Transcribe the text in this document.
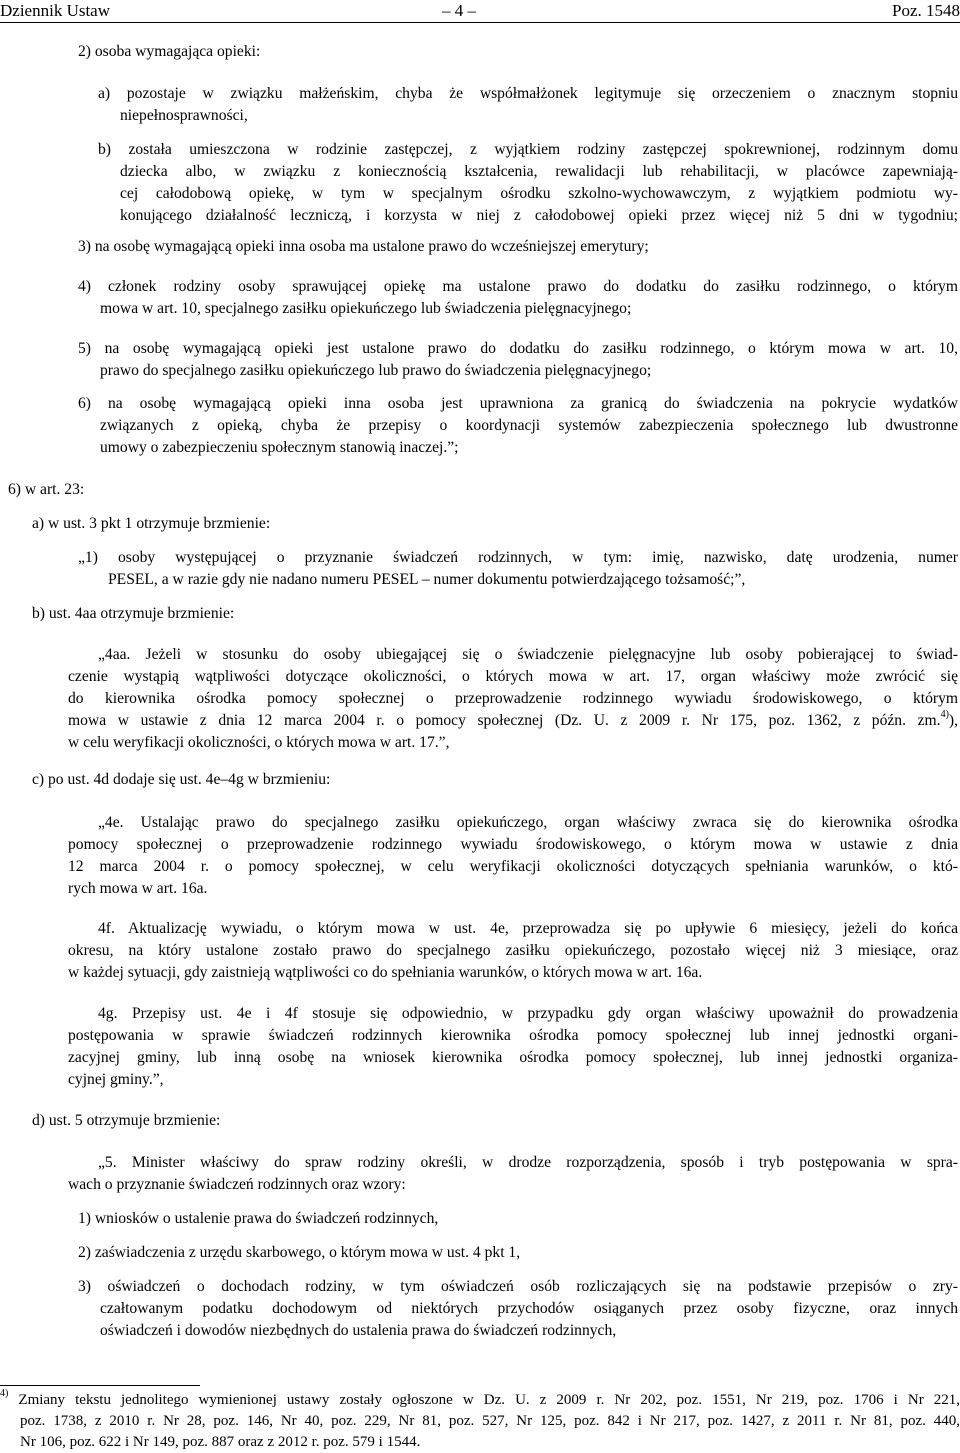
Dziennik Ustaw	– 4 –	Poz. 1548
2) osoba wymagająca opieki:
a) pozostaje w związku małżeńskim, chyba że współmałżonek legitymuje się orzeczeniem o znacznym stopniu
niepełnosprawności,
b) została umieszczona w rodzinie zastępczej, z wyjątkiem rodziny zastępczej spokrewnionej, rodzinnym domu
dziecka albo, w związku z koniecznością kształcenia, rewalidacji lub rehabilitacji, w placówce zapewniają-
cej całodobową opiekę, w tym w specjalnym ośrodku szkolno-wychowawczym, z wyjątkiem podmiotu wy-
konującego działalność leczniczą, i korzysta w niej z całodobowej opieki przez więcej niż 5 dni w tygodniu;
3) na osobę wymagającą opieki inna osoba ma ustalone prawo do wcześniejszej emerytury;
4) członek rodziny osoby sprawującej opiekę ma ustalone prawo do dodatku do zasiłku rodzinnego, o którym
mowa w art. 10, specjalnego zasiłku opiekuńczego lub świadczenia pielęgnacyjnego;
5) na osobę wymagającą opieki jest ustalone prawo do dodatku do zasiłku rodzinnego, o którym mowa w art. 10,
prawo do specjalnego zasiłku opiekuńczego lub prawo do świadczenia pielęgnacyjnego;
6) na osobę wymagającą opieki inna osoba jest uprawniona za granicą do świadczenia na pokrycie wydatków
związanych z opieką, chyba że przepisy o koordynacji systemów zabezpieczenia społecznego lub dwustronne
umowy o zabezpieczeniu społecznym stanowią inaczej.”;
6) w art. 23:
a) w ust. 3 pkt 1 otrzymuje brzmienie:
„1) osoby występującej o przyznanie świadczeń rodzinnych, w tym: imię, nazwisko, datę urodzenia, numer
PESEL, a w razie gdy nie nadano numeru PESEL – numer dokumentu potwierdzającego tożsamość;”,
b) ust. 4aa otrzymuje brzmienie:
„4aa. Jeżeli w stosunku do osoby ubiegającej się o świadczenie pielęgnacyjne lub osoby pobierającej to świad-
czenie wystąpią wątpliwości dotyczące okoliczności, o których mowa w art. 17, organ właściwy może zwrócić się
do kierownika ośrodka pomocy społecznej o przeprowadzenie rodzinnego wywiadu środowiskowego, o którym
mowa w ustawie z dnia 12 marca 2004 r. o pomocy społecznej (Dz. U. z 2009 r. Nr 175, poz. 1362, z późn. zm.$^{4)}$),
w celu weryfikacji okoliczności, o których mowa w art. 17.”,
c) po ust. 4d dodaje się ust. 4e–4g w brzmieniu:
„4e. Ustalając prawo do specjalnego zasiłku opiekuńczego, organ właściwy zwraca się do kierownika ośrodka
pomocy społecznej o przeprowadzenie rodzinnego wywiadu środowiskowego, o którym mowa w ustawie z dnia
12 marca 2004 r. o pomocy społecznej, w celu weryfikacji okoliczności dotyczących spełniania warunków, o któ-
rych mowa w art. 16a.
4f. Aktualizację wywiadu, o którym mowa w ust. 4e, przeprowadza się po upływie 6 miesięcy, jeżeli do końca
okresu, na który ustalone zostało prawo do specjalnego zasiłku opiekuńczego, pozostało więcej niż 3 miesiące, oraz
w każdej sytuacji, gdy zaistnieją wątpliwości co do spełniania warunków, o których mowa w art. 16a.
4g. Przepisy ust. 4e i 4f stosuje się odpowiednio, w przypadku gdy organ właściwy upoważnił do prowadzenia
postępowania w sprawie świadczeń rodzinnych kierownika ośrodka pomocy społecznej lub innej jednostki organi-
zacyjnej gminy, lub inną osobę na wniosek kierownika ośrodka pomocy społecznej, lub innej jednostki organiza-
cyjnej gminy.”,
d) ust. 5 otrzymuje brzmienie:
„5. Minister właściwy do spraw rodziny określi, w drodze rozporządzenia, sposób i tryb postępowania w spra-
wach o przyznanie świadczeń rodzinnych oraz wzory:
1) wniosków o ustalenie prawa do świadczeń rodzinnych,
2) zaświadczenia z urzędu skarbowego, o którym mowa w ust. 4 pkt 1,
3) oświadczeń o dochodach rodziny, w tym oświadczeń osób rozliczających się na podstawie przepisów o zry-
czałtowanym podatku dochodowym od niektórych przychodów osiąganych przez osoby fizyczne, oraz innych
oświadczeń i dowodów niezbędnych do ustalenia prawa do świadczeń rodzinnych,
$^{4)}$ Zmiany tekstu jednolitego wymienionej ustawy zostały ogłoszone w Dz. U. z 2009 r. Nr 202, poz. 1551, Nr 219, poz. 1706 i Nr 221,
poz. 1738, z 2010 r. Nr 28, poz. 146, Nr 40, poz. 229, Nr 81, poz. 527, Nr 125, poz. 842 i Nr 217, poz. 1427, z 2011 r. Nr 81, poz. 440,
Nr 106, poz. 622 i Nr 149, poz. 887 oraz z 2012 r. poz. 579 i 1544.
